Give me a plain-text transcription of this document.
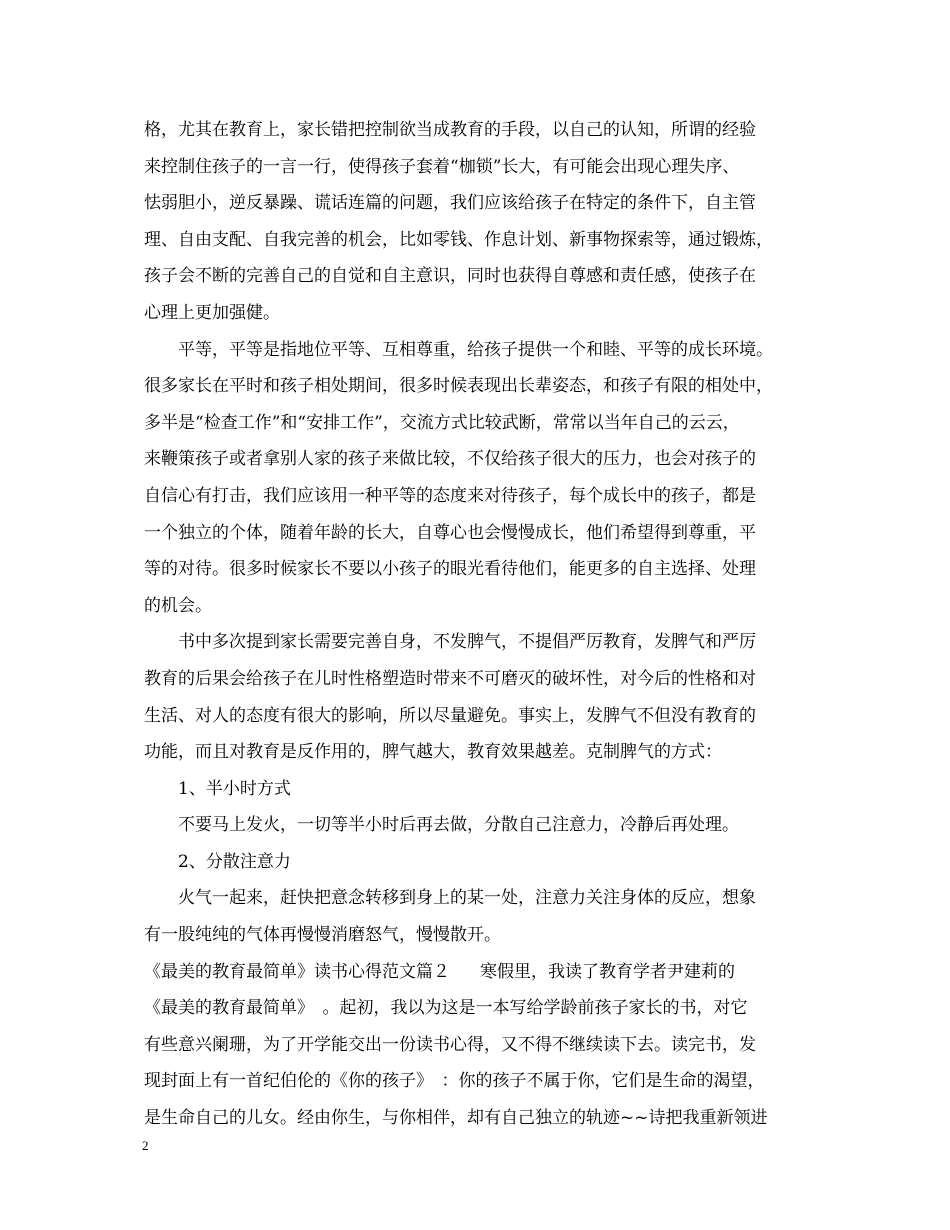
格，尤其在教育上，家长错把控制欲当成教育的手段，以自己的认知，所谓的经验
来控制住孩子的一言一行，使得孩子套着“枷锁”长大，有可能会出现心理失序、
怯弱胆小，逆反暴躁、谎话连篇的问题，我们应该给孩子在特定的条件下，自主管
理、自由支配、自我完善的机会，比如零钱、作息计划、新事物探索等，通过锻炼，
孩子会不断的完善自己的自觉和自主意识，同时也获得自尊感和责任感，使孩子在
心理上更加强健。
平等，平等是指地位平等、互相尊重，给孩子提供一个和睦、平等的成长环境。
很多家长在平时和孩子相处期间，很多时候表现出长辈姿态，和孩子有限的相处中，
多半是“检查工作”和“安排工作”，交流方式比较武断，常常以当年自己的云云，
来鞭策孩子或者拿别人家的孩子来做比较，不仅给孩子很大的压力，也会对孩子的
自信心有打击，我们应该用一种平等的态度来对待孩子，每个成长中的孩子，都是
一个独立的个体，随着年龄的长大，自尊心也会慢慢成长，他们希望得到尊重，平
等的对待。很多时候家长不要以小孩子的眼光看待他们，能更多的自主选择、处理
的机会。
书中多次提到家长需要完善自身，不发脾气，不提倡严厉教育，发脾气和严厉
教育的后果会给孩子在儿时性格塑造时带来不可磨灭的破坏性，对今后的性格和对
生活、对人的态度有很大的影响，所以尽量避免。事实上，发脾气不但没有教育的
功能，而且对教育是反作用的，脾气越大，教育效果越差。克制脾气的方式：
1、半小时方式
不要马上发火，一切等半小时后再去做，分散自己注意力，冷静后再处理。
2、分散注意力
火气一起来，赶快把意念转移到身上的某一处，注意力关注身体的反应，想象
有一股纯纯的气体再慢慢消磨怒气，慢慢散开。
《最美的教育最简单》读书心得范文篇２ 寒假里，我读了教育学者尹建莉的
《最美的教育最简单》　。起初，我以为这是一本写给学龄前孩子家长的书，对它
有些意兴阑珊，为了开学能交出一份读书心得，又不得不继续读下去。读完书，发
现封面上有一首纪伯伦的《你的孩子》　：你的孩子不属于你，它们是生命的渴望，
是生命自己的儿女。经由你生，与你相伴，却有自己独立的轨迹~~诗把我重新领进
2
